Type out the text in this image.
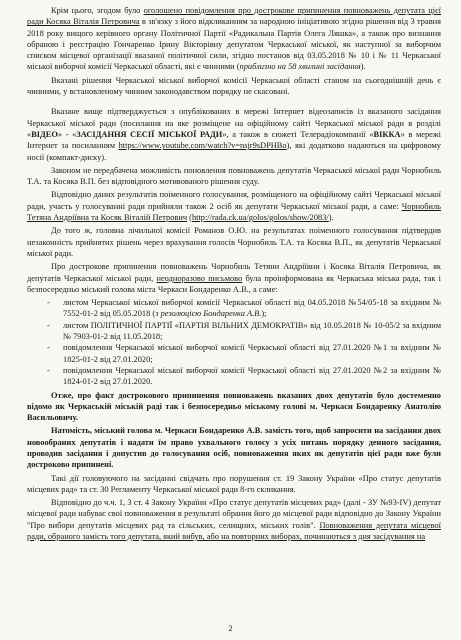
Крім цього, згодом було оголошено повідомлення про дострокове припинення повноважень депутата цієї ради Косяка Віталія Петровича в зв'язку з його відкликанням за народною ініціативою згідно рішення від 3 травня 2018 року вищого керівного органу Політичної Партії «Радикальна Партія Олега Ляшка», а також про визнання обраною і реєстрацію Гончаренко Ірину Вікторівну депутатом Черкаської міської, як наступної за виборчим списком місцевої організації вказаної політичної сили, згідно постанов від 03.05.2018 № 10 і № 11 Черкаської міської виборчої комісії Черкаської області, які є чинними (приблизно на 58 хвилині засідання).

Вказані рішення Черкаської міської виборчої комісії Черкаської області станом на сьогоднішній день є чинними, у встановленому чинним законодавством порядку не скасовані.

Вказане вище підтверджується з опублікованих в мережі Інтернет відеозаписів із вказаного засідання Черкаської міської ради (посилання на яке розміщене на офіційному сайті Черкаської міської ради в розділі «ВІДЕО» - «ЗАСІДАННЯ СЕСІЇ МІСЬКОЇ РАДИ», а також в сюжеті Телерадіокомпанії «ВІККА» в мережі Інтернет за посиланням https://www.youtube.com/watch?v=nsjr9sDPHBo), які додатково надаються на цифровому носії (компакт-диску).

Законом не передбачена можливість поновлення повноважень депутатів Черкаської міської ради Чорнобиль Т.А. та Косяка В.П. без відповідного мотивованого рішення суду.

Відповідно даних результатів поіменного голосування, розміщеного на офіційному сайті Черкаської міської ради, участь у голосуванні ради прийняли також 2 осіб як депутати Черкаської міської ради, а саме: Чорнобиль Тетяна Андріївна та Косяк Віталій Петрович (http://rada.ck.ua/golos/golos/show/2083/).

До того ж, головна лічильної комісії Романов О.Ю. на результатах поіменного голосування підтвердив незаконність прийнятих рішень через врахування голосів Чорнобиль Т.А. та Косяка В.П., як депутатів Черкаської міської ради.

Про дострокове припинення повноважень Чорнобиль Тетяни Андріївни і Косяка Віталія Петровича, як депутатів Черкаської міської ради, неодноразово письмово була проінформована як Черкаська міська рада, так і безпосередньо міський голова міста Черкаси Бондаренко А.В., а саме:

- листом Черкаської міської виборчої комісії Черкаської області від 04.05.2018 №54/05-18 за вхідним № 7552-01-2 від 05.05.2018 (з резолюцією Бондаренка А.В.);
- листом ПОЛІТИЧНОЇ ПАРТІЇ «ПАРТІЯ ВІЛЬНИХ ДЕМОКРАТІВ» від 10.05.2018 № 10-05/2 за вхідним № 7903-01-2 від 11.05.2018;
- повідомлення Черкаської міської виборчої комісії Черкаської області від 27.01.2020 №1 за вхідним № 1825-01-2 від 27.01.2020;
- повідомлення Черкаської міської виборчої комісії Черкаської області від 27.01.2020 №2 за вхідним № 1824-01-2 від 27.01.2020.

Отже, про факт дострокового припинення повноважень вказаних двох депутатів було достеменно відомо як Черкаській міській раді так і безпосередньо міському голові м. Черкаси Бондаренку Анатолію Васильовичу.

Натомість, міський голова м. Черкаси Бондаренко А.В. замість того, щоб запросити на засідання двох новообраних депутатів і надати їм право ухвального голосу з усіх питань порядку денного засідання, проводив засідання і допустив до голосування осіб, повноваження яких як депутатів цієї ради вже були достроково припинені.

Такі дії головуючого на засіданні свідчать про порушення ст. 19 Закону України «Про статус депутатів місцевих рад» та ст. 30 Регламенту Черкаської міської ради 8-го скликання.

Відповідно до ч.ч. 1, 3 ст. 4 Закону України «Про статус депутатів місцевих рад» (далі - ЗУ №93-IV) депутат місцевої ради набуває свої повноваження в результаті обрання його до місцевої ради відповідно до Закону України "Про вибори депутатів місцевих рад та сільських, селищних, міських голів". Повноваження депутата місцевої ради, обраного замість того депутата, який вибув, або на повторних виборах, починаються з дня засідування на

2
